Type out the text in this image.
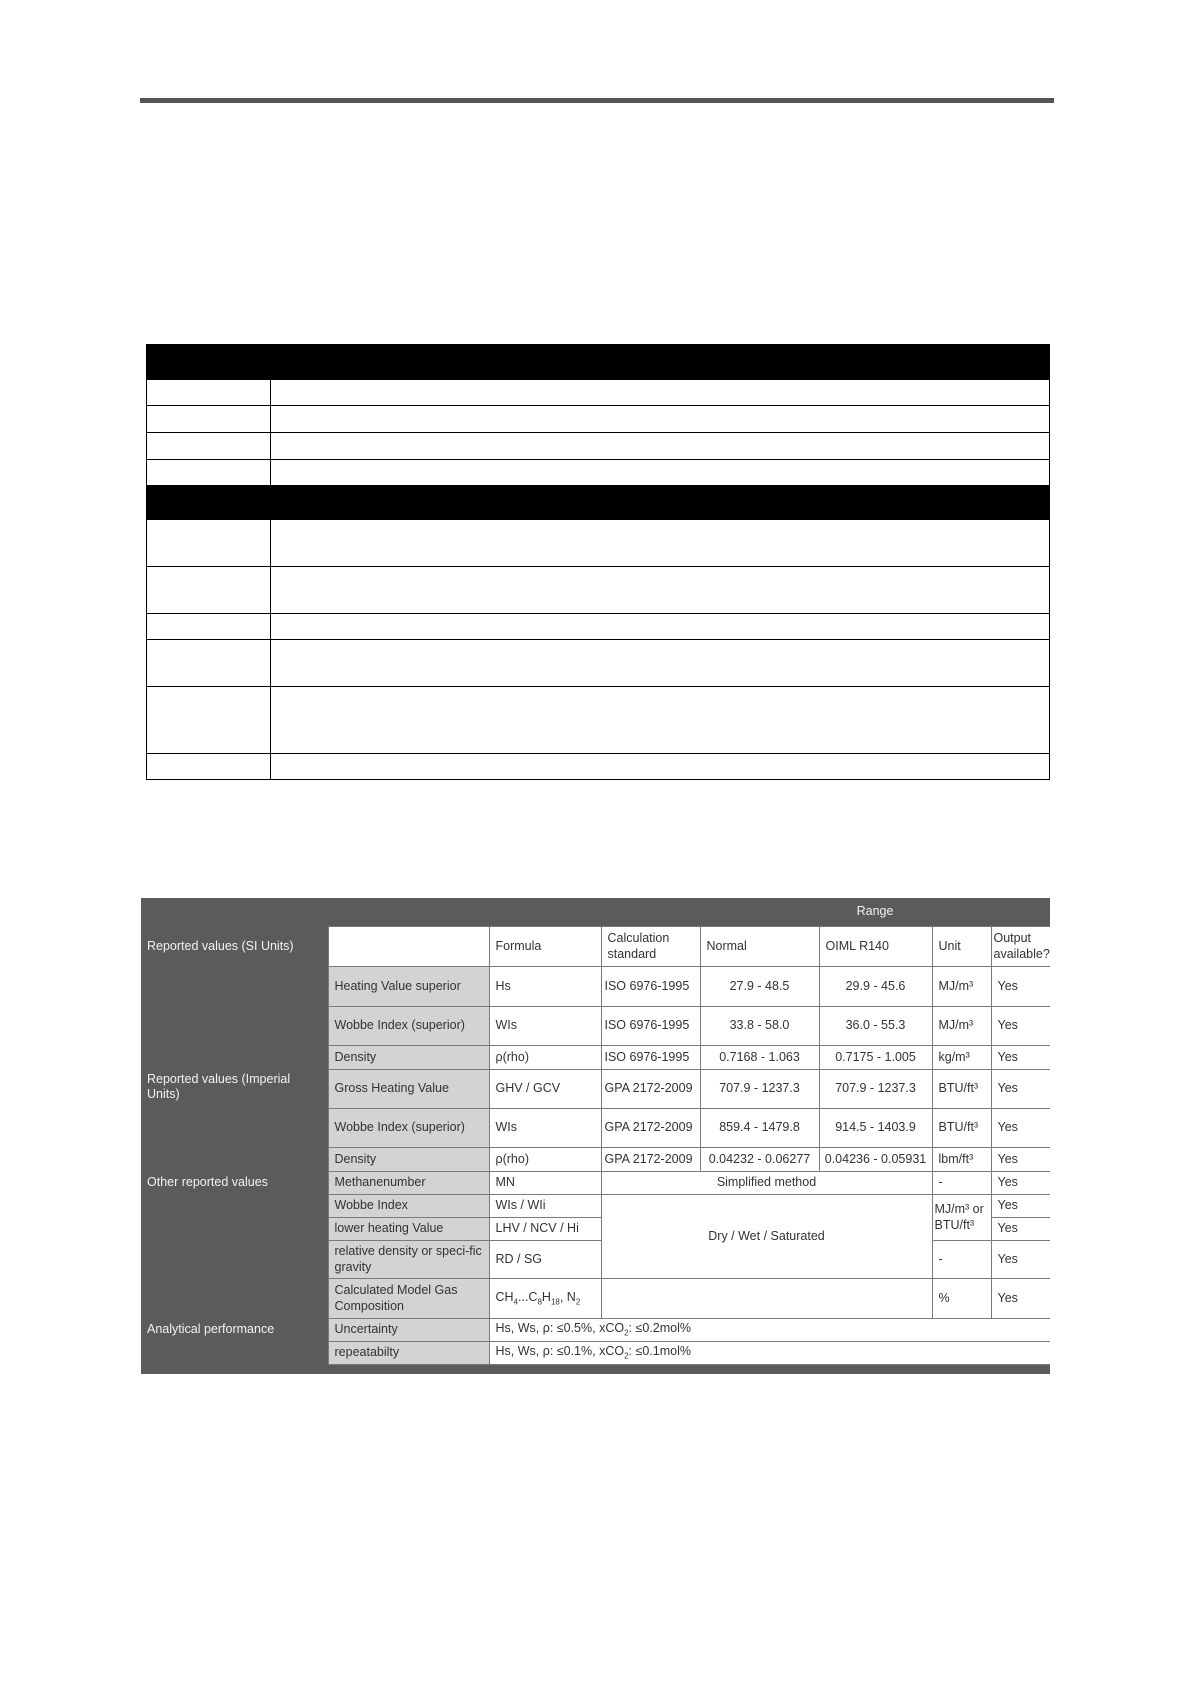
				Range			
Reported values (SI Units)		Formula	Calculation standard	Normal	OIML R140	Unit	Output available?
	Heating Value superior	Hs	ISO 6976-1995	27.9 - 48.5	29.9 - 45.6	MJ/m³	Yes
	Wobbe Index (superior)	WIs	ISO 6976-1995	33.8 - 58.0	36.0 - 55.3	MJ/m³	Yes
	Density	ρ(rho)	ISO 6976-1995	0.7168 - 1.063	0.7175 - 1.005	kg/m³	Yes
Reported values (Imperial Units)	Gross Heating Value	GHV / GCV	GPA 2172-2009	707.9 - 1237.3	707.9 - 1237.3	BTU/ft³	Yes
	Wobbe Index (superior)	WIs	GPA 2172-2009	859.4 - 1479.8	914.5 - 1403.9	BTU/ft³	Yes
	Density	ρ(rho)	GPA 2172-2009	0.04232 - 0.06277	0.04236 - 0.05931	lbm/ft³	Yes
Other reported values	Methanenumber	MN	Simplified method			-	Yes
	Wobbe Index	WIs / WIi	Dry / Wet / Saturated			MJ/m³ or BTU/ft³	Yes
	lower heating Value	LHV / NCV / Hi					Yes
	relative density or speci-fic gravity	RD / SG				-	Yes
	Calculated Model Gas Composition	$CH_4...C_8H_{18}$, $N_2$				%	Yes
Analytical performance	Uncertainty	Hs, Ws, ρ: ≤0.5%, xCO$_2$: ≤0.2mol%					
	repeatabilty	Hs, Ws, ρ: ≤0.1%, xCO$_2$: ≤0.1mol%					
